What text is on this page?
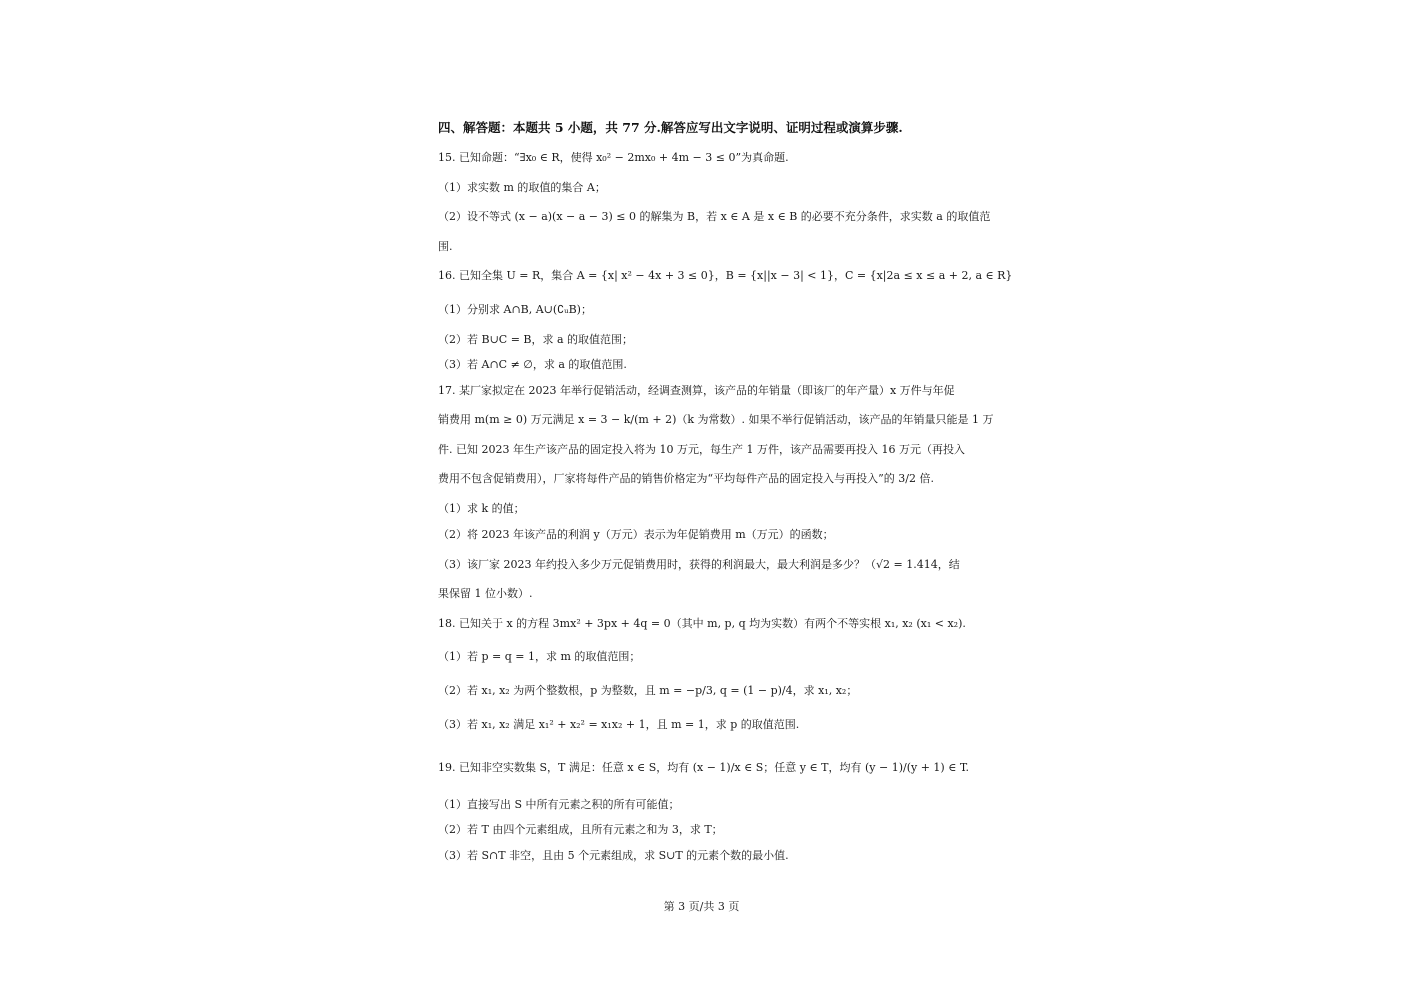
四、解答题：本题共 5 小题，共 77 分.解答应写出文字说明、证明过程或演算步骤.
15. 已知命题：“∃x₀ ∈ R，使得 x₀² − 2mx₀ + 4m − 3 ≤ 0”为真命题.
（1）求实数 m 的取值的集合 A；
（2）设不等式 (x − a)(x − a − 3) ≤ 0 的解集为 B，若 x ∈ A 是 x ∈ B 的必要不充分条件，求实数 a 的取值范
围.
16. 已知全集 U = R，集合 A = {x| x² − 4x + 3 ≤ 0}，B = {x||x − 3| < 1}，C = {x|2a ≤ x ≤ a + 2, a ∈ R}
（1）分别求 A∩B, A∪(∁ᵤB)；
（2）若 B∪C = B，求 a 的取值范围；
（3）若 A∩C ≠ ∅，求 a 的取值范围.
17. 某厂家拟定在 2023 年举行促销活动，经调查测算，该产品的年销量（即该厂的年产量）x 万件与年促
销费用 m(m ≥ 0) 万元满足 x = 3 − k/(m + 2)（k 为常数）. 如果不举行促销活动，该产品的年销量只能是 1 万
件. 已知 2023 年生产该产品的固定投入将为 10 万元，每生产 1 万件，该产品需要再投入 16 万元（再投入
费用不包含促销费用），厂家将每件产品的销售价格定为“平均每件产品的固定投入与再投入”的 3/2 倍.
（1）求 k 的值；
（2）将 2023 年该产品的利润 y（万元）表示为年促销费用 m（万元）的函数；
（3）该厂家 2023 年约投入多少万元促销费用时，获得的利润最大，最大利润是多少？（√2 = 1.414，结
果保留 1 位小数）.
18. 已知关于 x 的方程 3mx² + 3px + 4q = 0（其中 m, p, q 均为实数）有两个不等实根 x₁, x₂ (x₁ < x₂).
（1）若 p = q = 1，求 m 的取值范围；
（2）若 x₁, x₂ 为两个整数根，p 为整数，且 m = −p/3, q = (1 − p)/4，求 x₁, x₂；
（3）若 x₁, x₂ 满足 x₁² + x₂² = x₁x₂ + 1，且 m = 1，求 p 的取值范围.
19. 已知非空实数集 S，T 满足：任意 x ∈ S，均有 (x − 1)/x ∈ S；任意 y ∈ T，均有 (y − 1)/(y + 1) ∈ T.
（1）直接写出 S 中所有元素之积的所有可能值；
（2）若 T 由四个元素组成，且所有元素之和为 3，求 T；
（3）若 S∩T 非空，且由 5 个元素组成，求 S∪T 的元素个数的最小值.
第 3 页/共 3 页
